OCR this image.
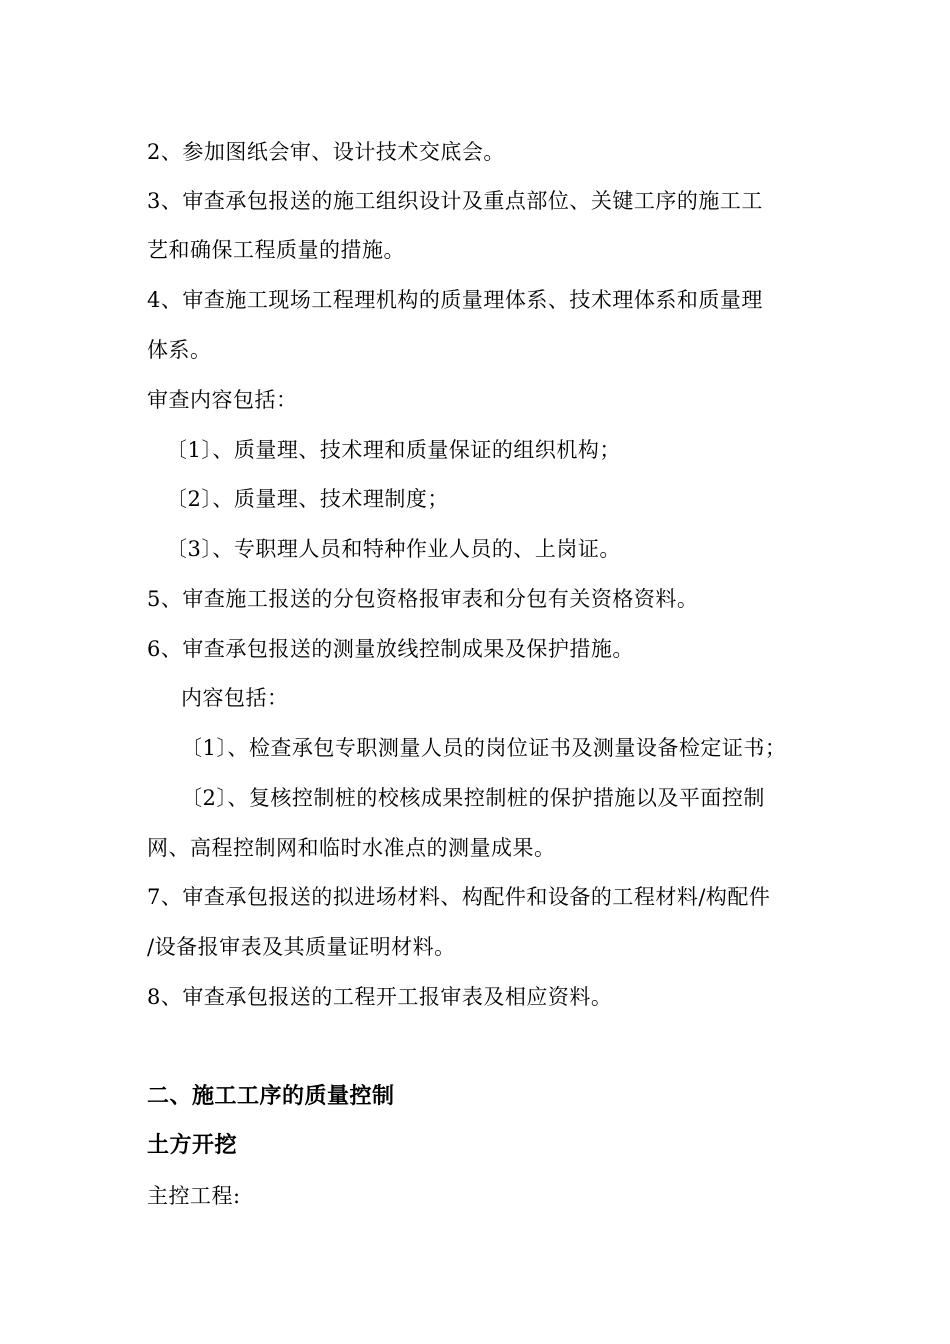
2、参加图纸会审、设计技术交底会。
3、审查承包报送的施工组织设计及重点部位、关键工序的施工工
艺和确保工程质量的措施。
4、审查施工现场工程理机构的质量理体系、技术理体系和质量理
体系。
审查内容包括：
〔1〕、质量理、技术理和质量保证的组织机构；
〔2〕、质量理、技术理制度；
〔3〕、专职理人员和特种作业人员的、上岗证。
5、审查施工报送的分包资格报审表和分包有关资格资料。
6、审查承包报送的测量放线控制成果及保护措施。
内容包括：
〔1〕、检查承包专职测量人员的岗位证书及测量设备检定证书；
〔2〕、复核控制桩的校核成果控制桩的保护措施以及平面控制
网、高程控制网和临时水准点的测量成果。
7、审查承包报送的拟进场材料、构配件和设备的工程材料/构配件
/设备报审表及其质量证明材料。
8、审查承包报送的工程开工报审表及相应资料。
二、施工工序的质量控制
土方开挖
主控工程:
